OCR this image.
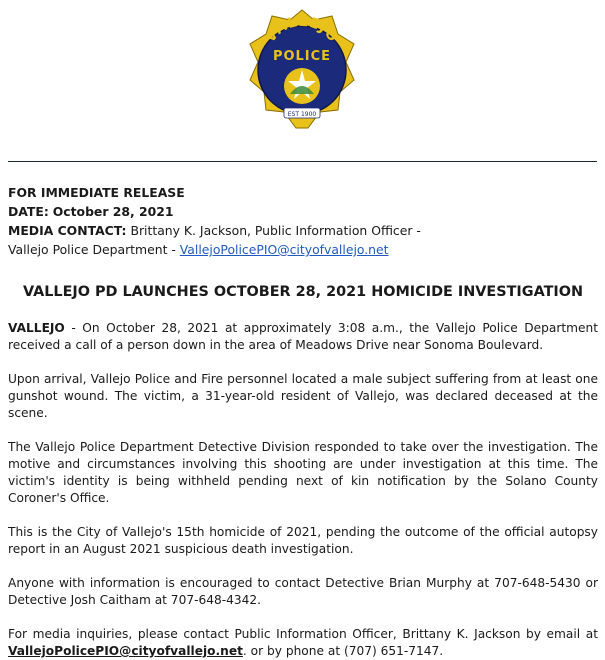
VALLEJO
POLICE
EST 1900
FOR IMMEDIATE RELEASE
DATE: October 28, 2021
MEDIA CONTACT: Brittany K. Jackson, Public Information Officer -
Vallejo Police Department - VallejoPolicePIO@cityofvallejo.net
VALLEJO PD LAUNCHES OCTOBER 28, 2021 HOMICIDE INVESTIGATION

VALLEJO - On October 28, 2021 at approximately 3:08 a.m., the Vallejo Police Department received a call of a person down in the area of Meadows Drive near Sonoma Boulevard.

Upon arrival, Vallejo Police and Fire personnel located a male subject suffering from at least one gunshot wound. The victim, a 31-year-old resident of Vallejo, was declared deceased at the scene.

The Vallejo Police Department Detective Division responded to take over the investigation. The motive and circumstances involving this shooting are under investigation at this time. The victim's identity is being withheld pending next of kin notification by the Solano County Coroner's Office.

This is the City of Vallejo's 15th homicide of 2021, pending the outcome of the official autopsy report in an August 2021 suspicious death investigation.

Anyone with information is encouraged to contact Detective Brian Murphy at 707-648-5430 or Detective Josh Caitham at 707-648-4342.

For media inquiries, please contact Public Information Officer, Brittany K. Jackson by email at VallejoPolicePIO@cityofvallejo.net. or by phone at (707) 651-7147.
